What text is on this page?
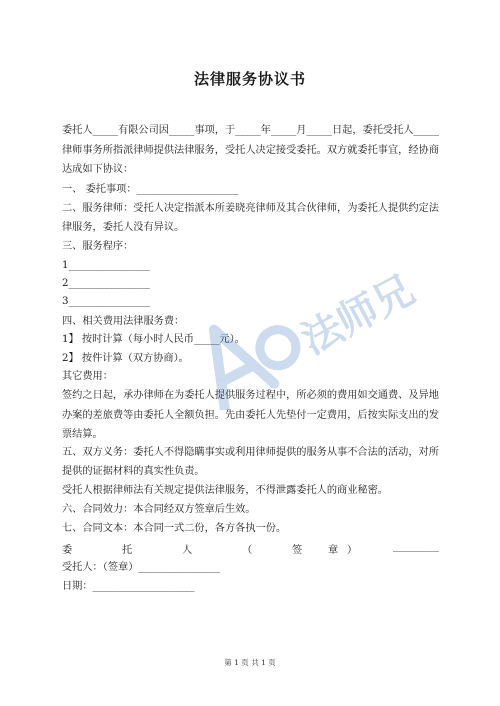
法律服务协议书
委托人_____有限公司因_____事项，于_____年_____月_____日起，委托受托人_____
律师事务所指派律师提供法律服务，受托人决定接受委托。双方就委托事宜，经协商
达成如下协议：
一、 委托事项：____________________
二、服务律师：受托人决定指派本所姜晓亮律师及其合伙律师，为委托人提供约定法
律服务，委托人没有异议。
三、服务程序：
1________________
2________________
3________________
四、相关费用法律服务费：
1】 按时计算（每小时人民币_____元）。
2】 按件计算（双方协商）。
其它费用：
签约之日起，承办律师在为委托人提供服务过程中，所必须的费用如交通费、及异地
办案的差旅费等由委托人全额负担。先由委托人先垫付一定费用，后按实际支出的发
票结算。
五、双方义务：委托人不得隐瞒事实或利用律师提供的服务从事不合法的活动，对所
提供的证据材料的真实性负责。
受托人根据律师法有关规定提供法律服务，不得泄露委托人的商业秘密。
六、合同效力：本合同经双方签章后生效。
七、合同文本：本合同一式二份，各方各执一份。
委	托	人	（	签	章 ）	_________
受托人：（签章）________________
日期：____________________
第 1 页 共 1 页
法师兄
